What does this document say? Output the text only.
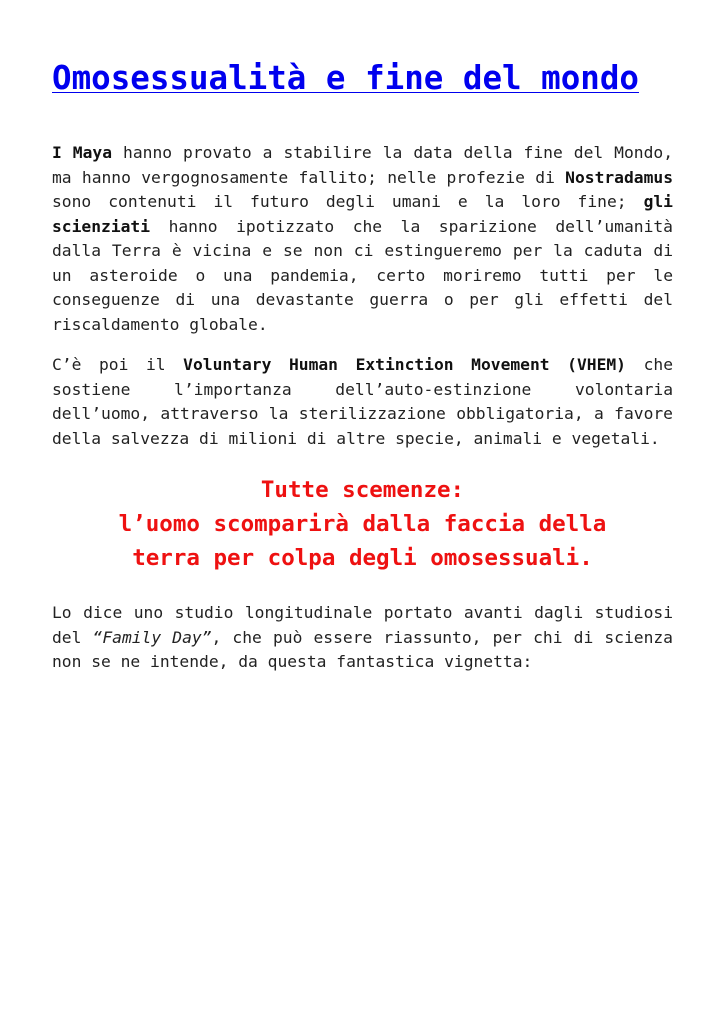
Omosessualità e fine del mondo

I Maya hanno provato a stabilire la data della fine del Mondo, ma hanno vergognosamente fallito; nelle profezie di Nostradamus sono contenuti il futuro degli umani e la loro fine; gli scienziati hanno ipotizzato che la sparizione dell’umanità dalla Terra è vicina e se non ci estingueremo per la caduta di un asteroide o una pandemia, certo moriremo tutti per le conseguenze di una devastante guerra o per gli effetti del riscaldamento globale.

C’è poi il Voluntary Human Extinction Movement (VHEM) che sostiene l’importanza dell’auto-estinzione volontaria dell’uomo, attraverso la sterilizzazione obbligatoria, a favore della salvezza di milioni di altre specie, animali e vegetali.

Tutte scemenze:
l’uomo scomparirà dalla faccia della
terra per colpa degli omosessuali.

Lo dice uno studio longitudinale portato avanti dagli studiosi del “Family Day”, che può essere riassunto, per chi di scienza non se ne intende, da questa fantastica vignetta:
